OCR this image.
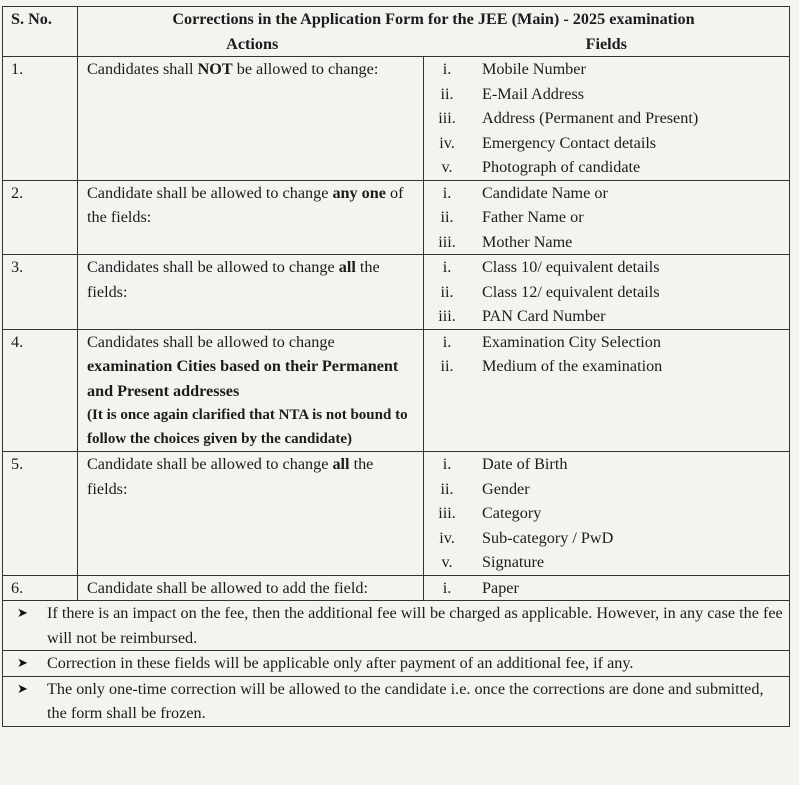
S. No.	Corrections in the Application Form for the JEE (Main) - 2025 examination
Actions	Fields
1.	Candidates shall NOT be allowed to change:		i.	Mobile Number
ii.	E-Mail Address
iii.	Address (Permanent and Present)
iv.	Emergency Contact details
v.	Photograph of candidate

2.	Candidate shall be allowed to change any one of the fields:	
i.	Candidate Name or
ii.	Father Name or
iii.	Mother Name

3.	Candidates shall be allowed to change all the fields:	
i.	Class 10/ equivalent details
ii.	Class 12/ equivalent details
iii.	PAN Card Number

4.	Candidates shall be allowed to change examination Cities based on their Permanent and Present addresses
(It is once again clarified that NTA is not bound to follow the choices given by the candidate)

i.	Examination City Selection
ii.	Medium of the examination

5.	Candidate shall be allowed to change all the fields:	
i.	Date of Birth
ii.	Gender
iii.	Category
iv.	Sub-category / PwD
v.	Signature

6.	Candidate shall be allowed to add the field:		i.	Paper

➤	If there is an impact on the fee, then the additional fee will be charged as applicable. However, in any case the fee will not be reimbursed.

➤	Correction in these fields will be applicable only after payment of an additional fee, if any.

➤	The only one-time correction will be allowed to the candidate i.e. once the corrections are done and submitted, the form shall be frozen.
